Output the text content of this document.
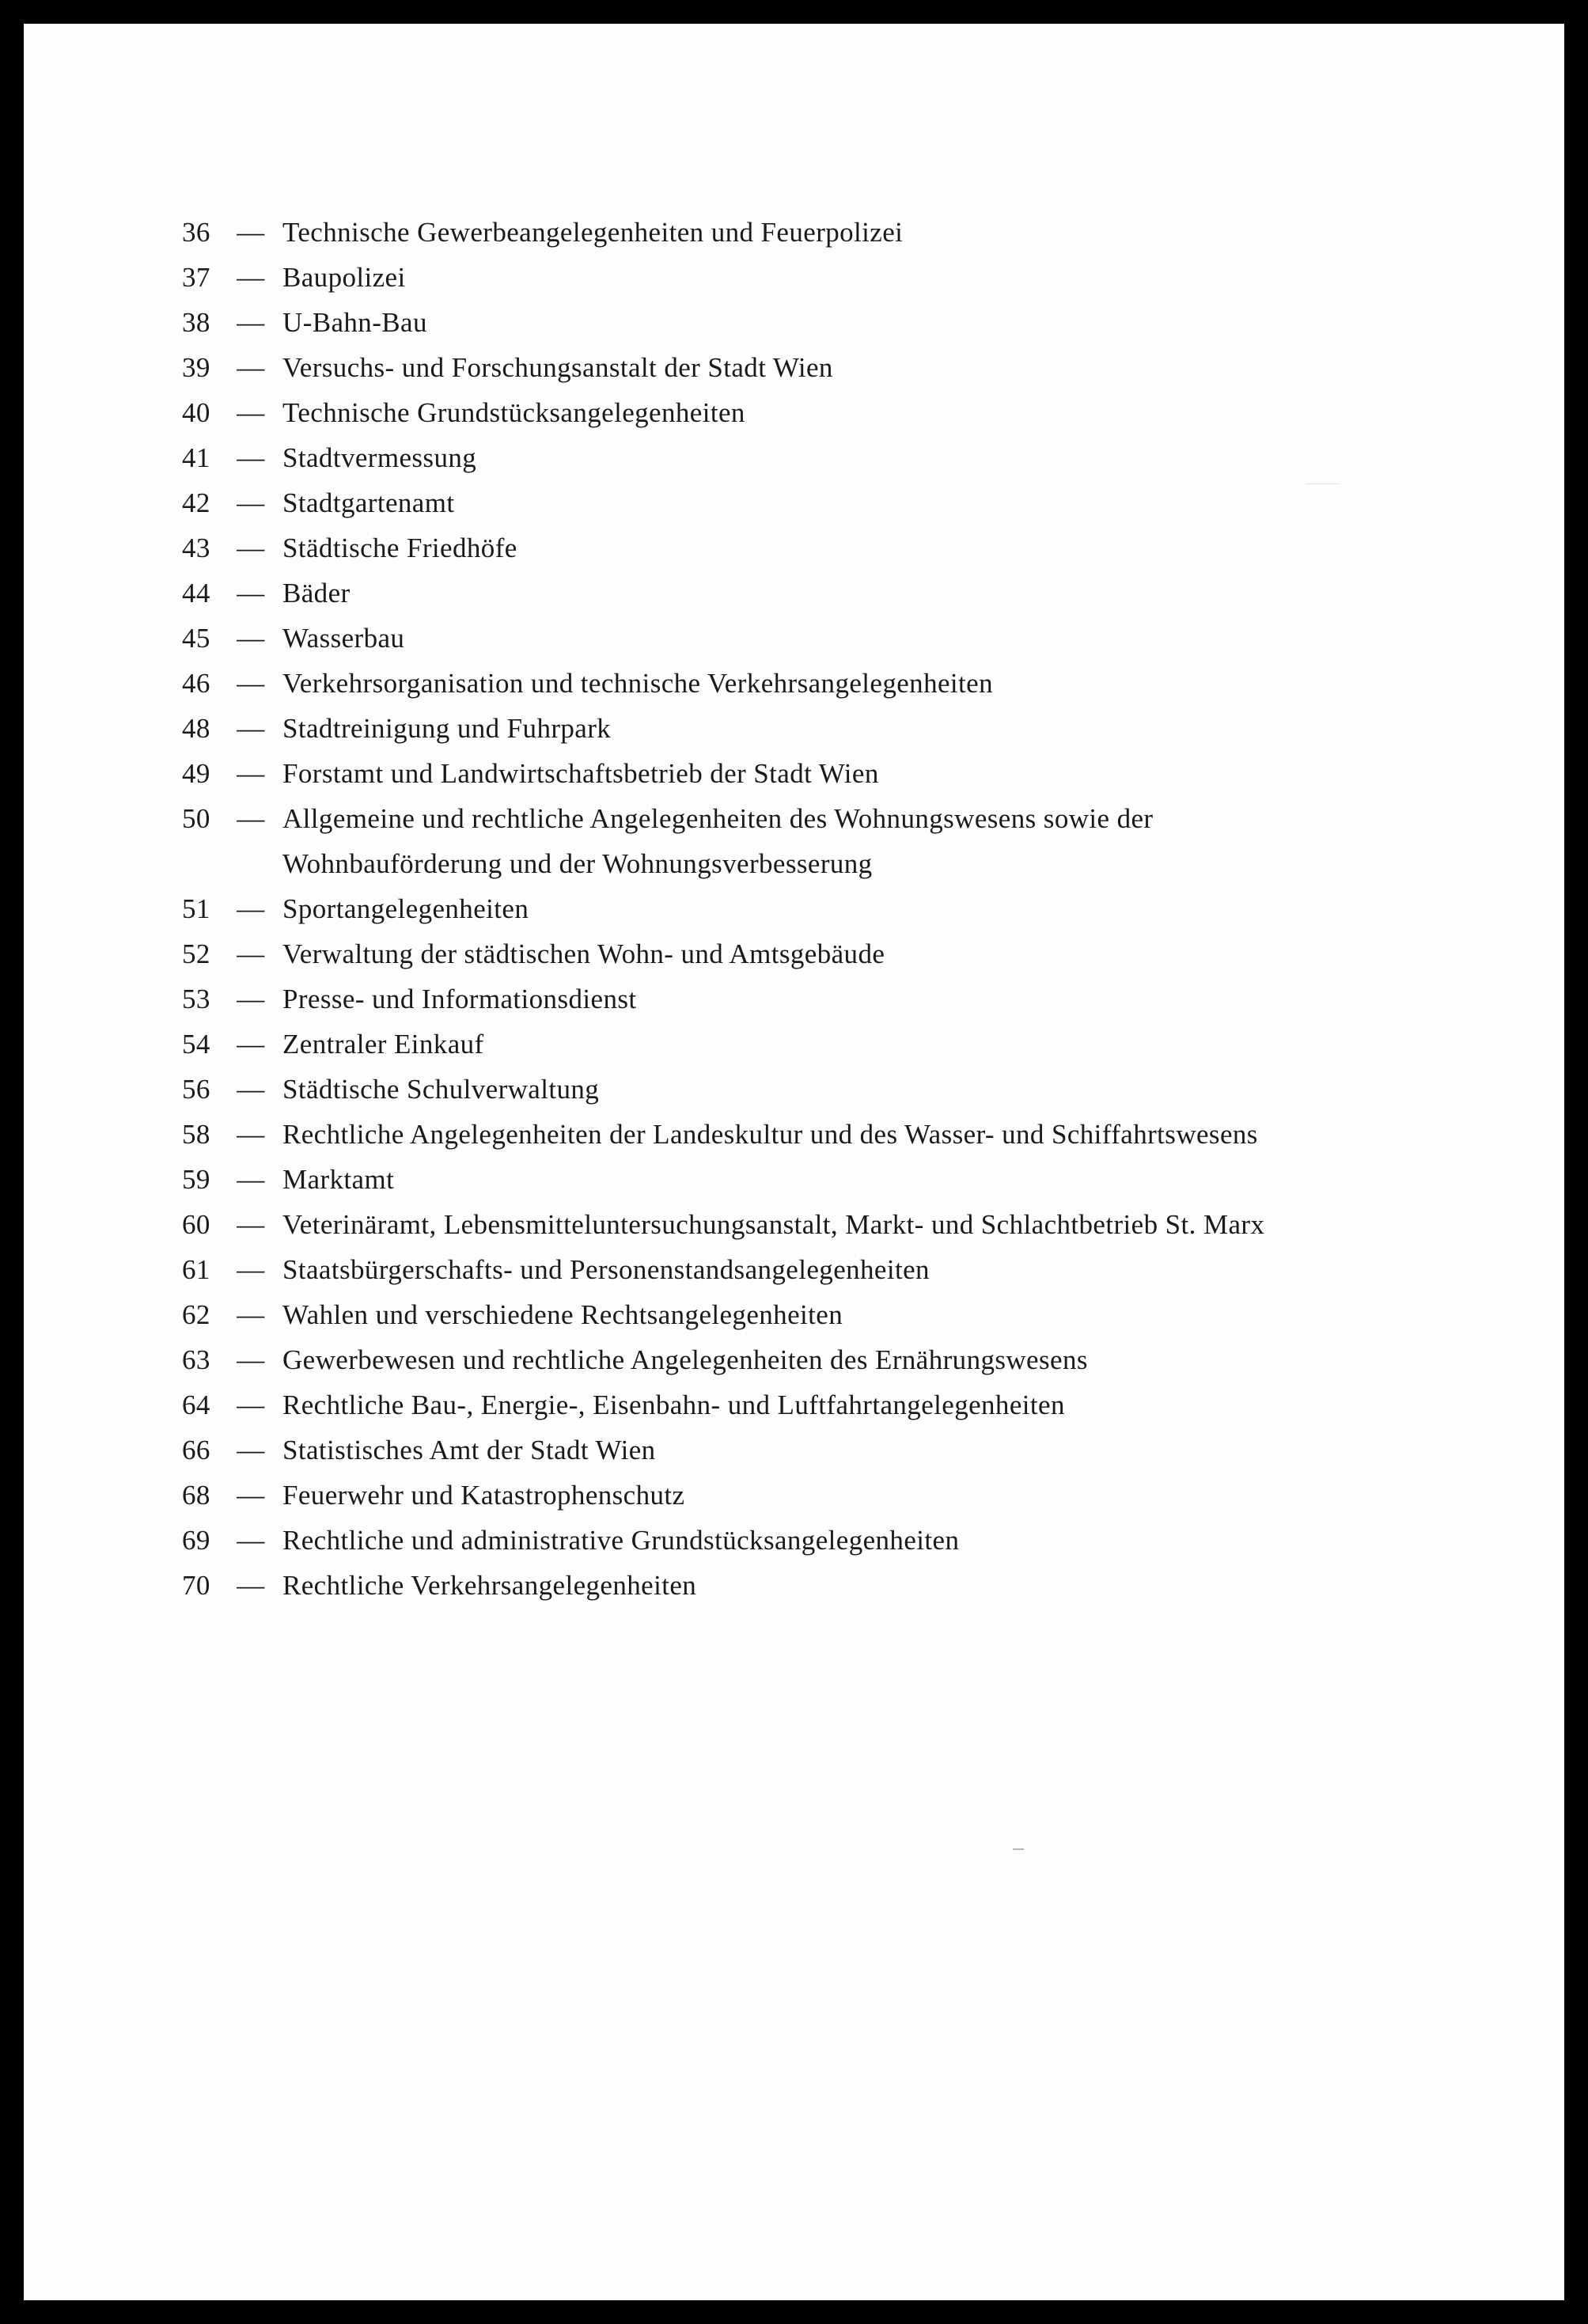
36 — Technische Gewerbeangelegenheiten und Feuerpolizei
37 — Baupolizei
38 — U-Bahn-Bau
39 — Versuchs- und Forschungsanstalt der Stadt Wien
40 — Technische Grundstücksangelegenheiten
41 — Stadtvermessung
42 — Stadtgartenamt
43 — Städtische Friedhöfe
44 — Bäder
45 — Wasserbau
46 — Verkehrsorganisation und technische Verkehrsangelegenheiten
48 — Stadtreinigung und Fuhrpark
49 — Forstamt und Landwirtschaftsbetrieb der Stadt Wien
50 — Allgemeine und rechtliche Angelegenheiten des Wohnungswesens sowie der
Wohnbauförderung und der Wohnungsverbesserung
51 — Sportangelegenheiten
52 — Verwaltung der städtischen Wohn- und Amtsgebäude
53 — Presse- und Informationsdienst
54 — Zentraler Einkauf
56 — Städtische Schulverwaltung
58 — Rechtliche Angelegenheiten der Landeskultur und des Wasser- und Schiffahrtswesens
59 — Marktamt
60 — Veterinäramt, Lebensmitteluntersuchungsanstalt, Markt- und Schlachtbetrieb St. Marx
61 — Staatsbürgerschafts- und Personenstandsangelegenheiten
62 — Wahlen und verschiedene Rechtsangelegenheiten
63 — Gewerbewesen und rechtliche Angelegenheiten des Ernährungswesens
64 — Rechtliche Bau-, Energie-, Eisenbahn- und Luftfahrtangelegenheiten
66 — Statistisches Amt der Stadt Wien
68 — Feuerwehr und Katastrophenschutz
69 — Rechtliche und administrative Grundstücksangelegenheiten
70 — Rechtliche Verkehrsangelegenheiten
